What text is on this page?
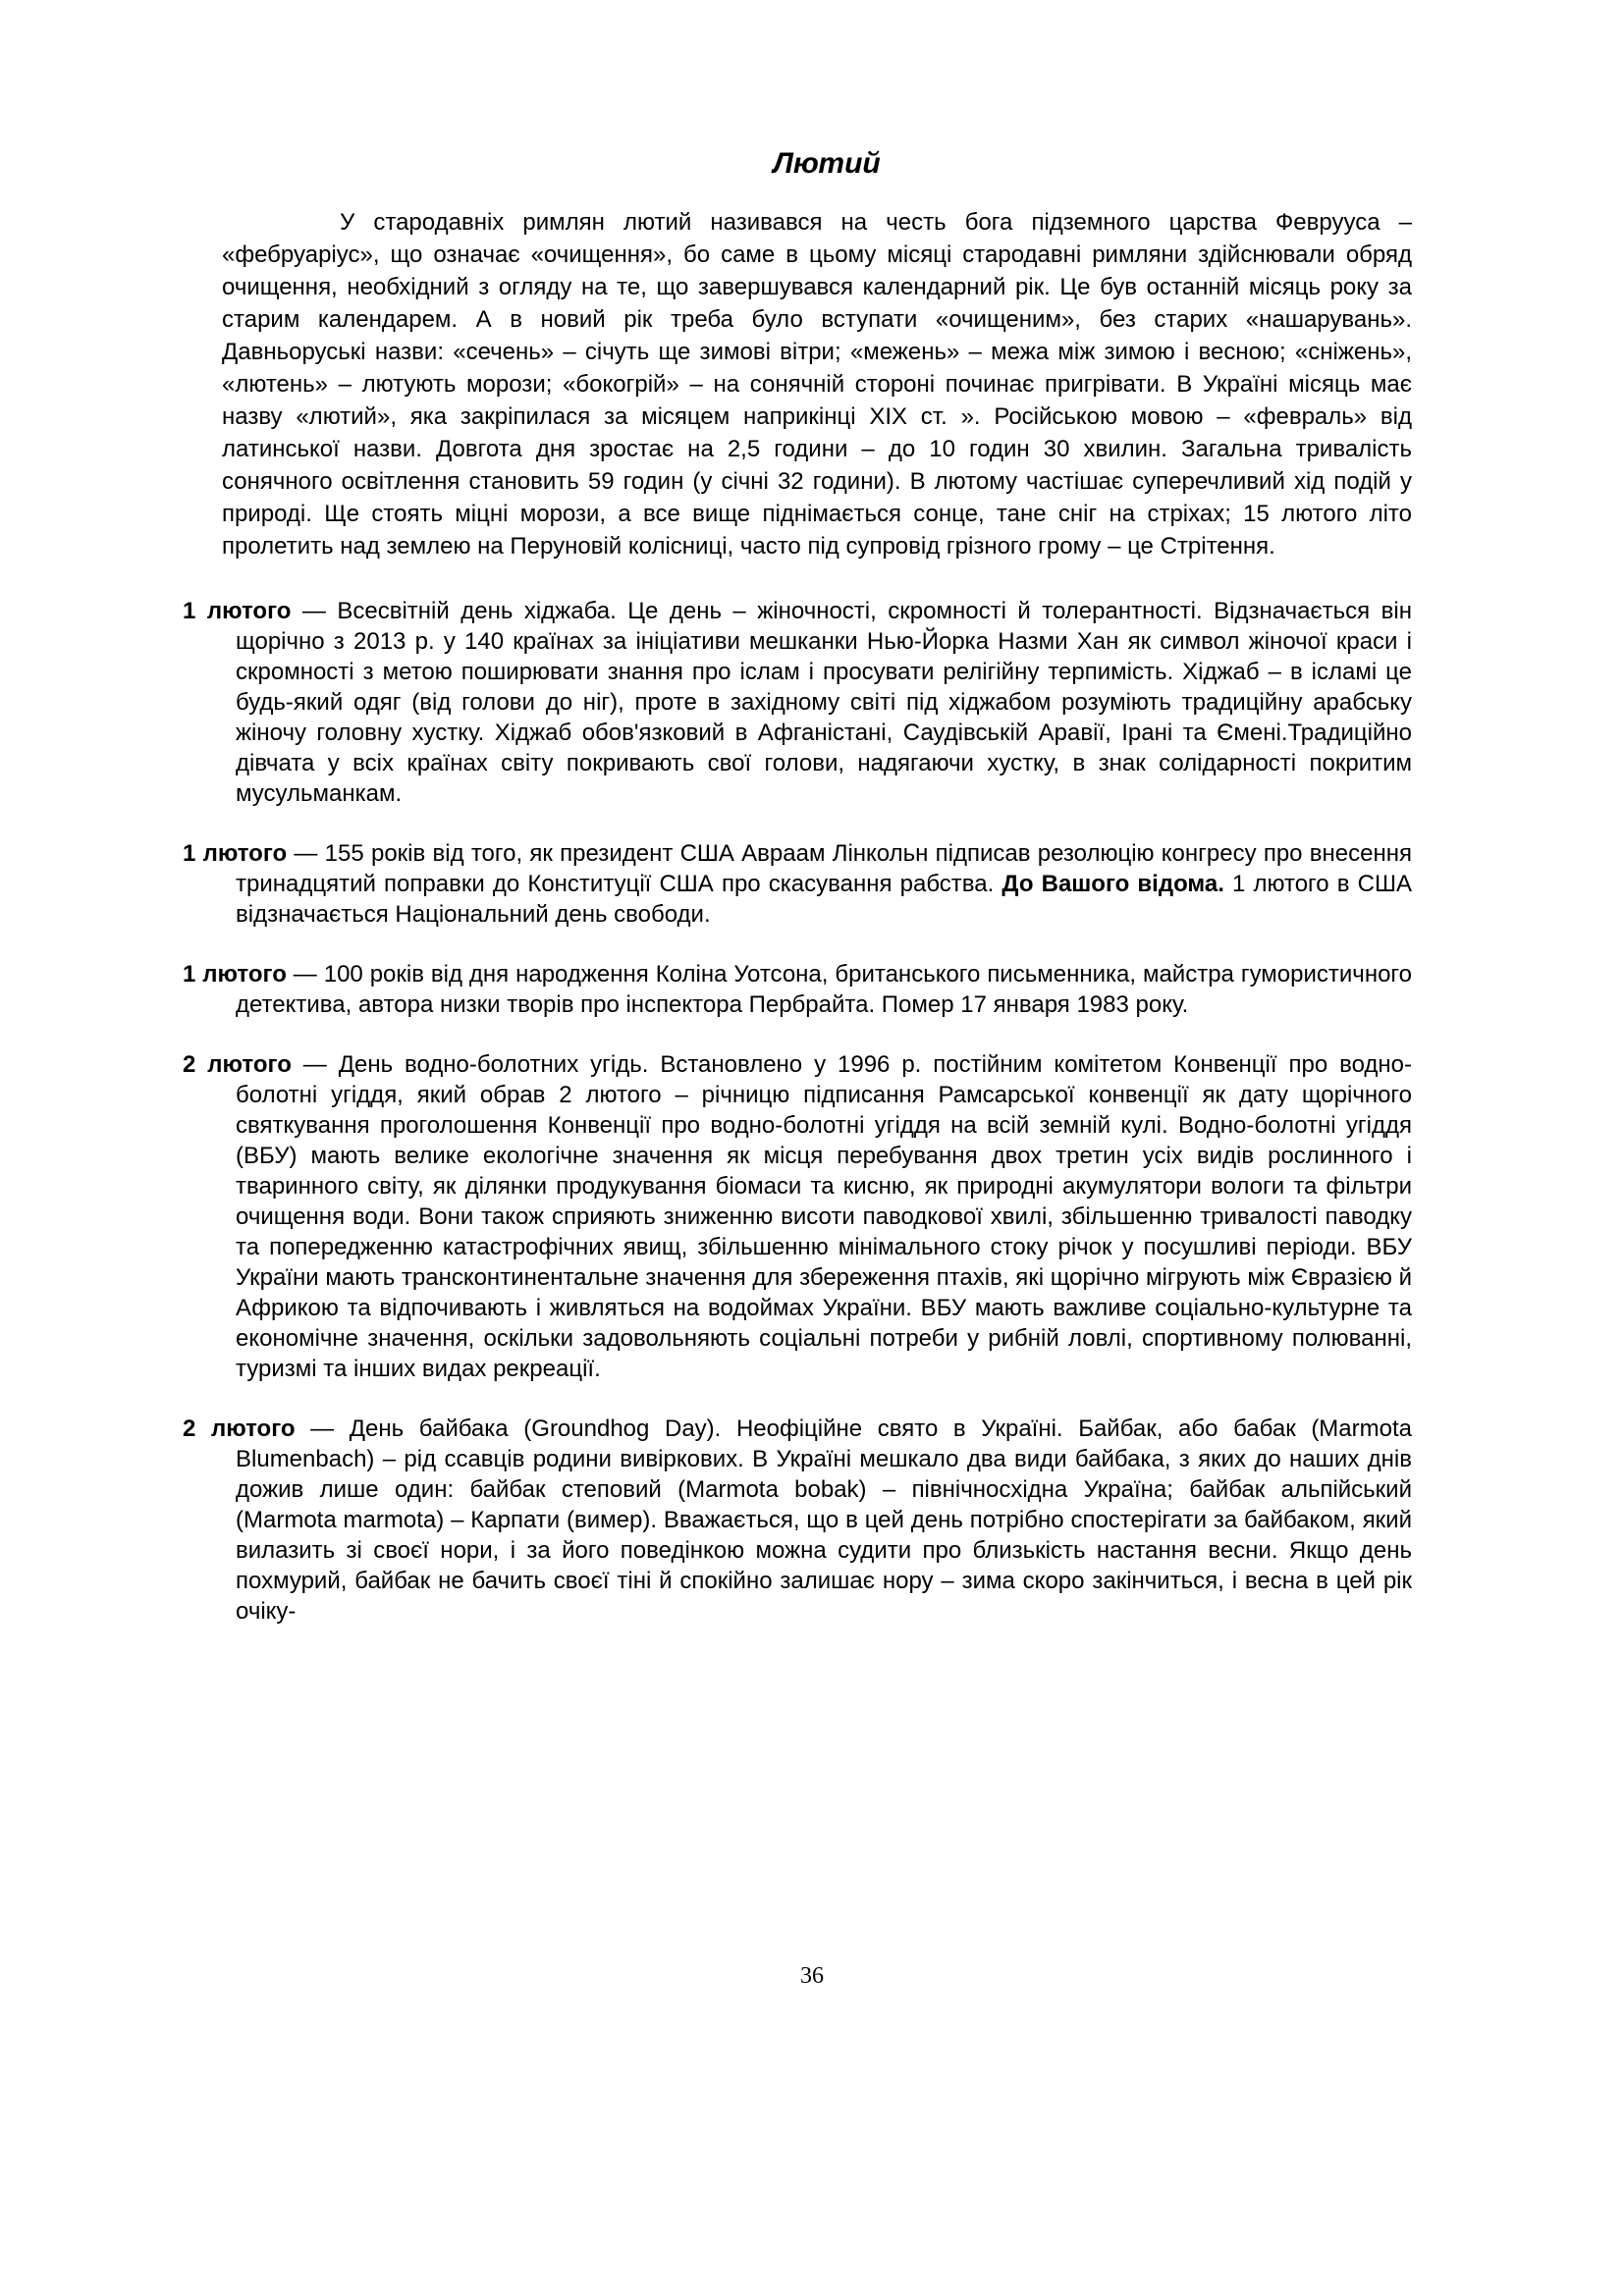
Лютий

У стародавніх римлян лютий називався на честь бога підземного царства Феврууса – «фебруаріус», що означає «очищення», бо саме в цьому місяці стародавні римляни здійснювали обряд очищення, необхідний з огляду на те, що завершувався календарний рік. Це був останній місяць року за старим календарем. А в новий рік треба було вступати «очищеним», без старих «нашарувань». Давньоруські назви: «сечень» – січуть ще зимові вітри; «межень» – межа між зимою і весною; «сніжень», «лютень» – лютують морози; «бокогрій» – на сонячній стороні починає пригрівати. В Україні місяць має назву «лютий», яка закріпилася за місяцем наприкінці XIX ст. ». Російською мовою – «февраль» від латинської назви. Довгота дня зростає на 2,5 години – до 10 годин 30 хвилин. Загальна тривалість сонячного освітлення становить 59 годин (у січні 32 години). В лютому частішає суперечливий хід подій у природі. Ще стоять міцні морози, а все вище піднімається сонце, тане сніг на стріхах; 15 лютого літо пролетить над землею на Перуновій колісниці, часто під супровід грізного грому – це Стрітення.

1 лютого — Всесвітній день хіджаба. Це день – жіночності, скромності й толерантності. Відзначається він щорічно з 2013 р. у 140 країнах за ініціативи мешканки Нью-Йорка Назми Хан як символ жіночої краси і скромності з метою поширювати знання про іслам і просувати релігійну терпимість. Хіджаб – в ісламі це будь-який одяг (від голови до ніг), проте в західному світі під хіджабом розуміють традиційну арабську жіночу головну хустку. Хіджаб обов'язковий в Афганістані, Саудівській Аравії, Ірані та Ємені.Традиційно дівчата у всіх країнах світу покривають свої голови, надягаючи хустку, в знак солідарності покритим мусульманкам.

1 лютого — 155 років від того, як президент США Авраам Лінкольн підписав резолюцію конгресу про внесення тринадцятий поправки до Конституції США про скасування рабства. До Вашого відома. 1 лютого в США відзначається Національний день свободи.

1 лютого — 100 років від дня народження Коліна Уотсона, британського письменника, майстра гумористичного детектива, автора низки творів про інспектора Пербрайта. Помер 17 января 1983 року.

2 лютого — День водно-болотних угідь. Встановлено у 1996 р. постійним комітетом Конвенції про водно-болотні угіддя, який обрав 2 лютого – річницю підписання Рамсарської конвенції як дату щорічного святкування проголошення Конвенції про водно-болотні угіддя на всій земній кулі. Водно-болотні угіддя (ВБУ) мають велике екологічне значення як місця перебування двох третин усіх видів рослинного і тваринного світу, як ділянки продукування біомаси та кисню, як природні акумулятори вологи та фільтри очищення води. Вони також сприяють зниженню висоти паводкової хвилі, збільшенню тривалості паводку та попередженню катастрофічних явищ, збільшенню мінімального стоку річок у посушливі періоди. ВБУ України мають трансконтинентальне значення для збереження птахів, які щорічно мігрують між Євразією й Африкою та відпочивають і живляться на водоймах України. ВБУ мають важливе соціально-культурне та економічне значення, оскільки задовольняють соціальні потреби у рибній ловлі, спортивному полюванні, туризмі та інших видах рекреації.

2 лютого — День байбака (Groundhog Day). Неофіційне свято в Україні. Байбак, або бабак (Marmota Blumenbach) – рід ссавців родини вивіркових. В Україні мешкало два види байбака, з яких до наших днів дожив лише один: байбак степовий (Marmota bobak) – північносхідна Україна; байбак альпійський (Marmota marmota) – Карпати (вимер). Вважається, що в цей день потрібно спостерігати за байбаком, який вилазить зі своєї нори, і за його поведінкою можна судити про близькість настання весни. Якщо день похмурий, байбак не бачить своєї тіні й спокійно залишає нору – зима скоро закінчиться, і весна в цей рік очіку-

36
